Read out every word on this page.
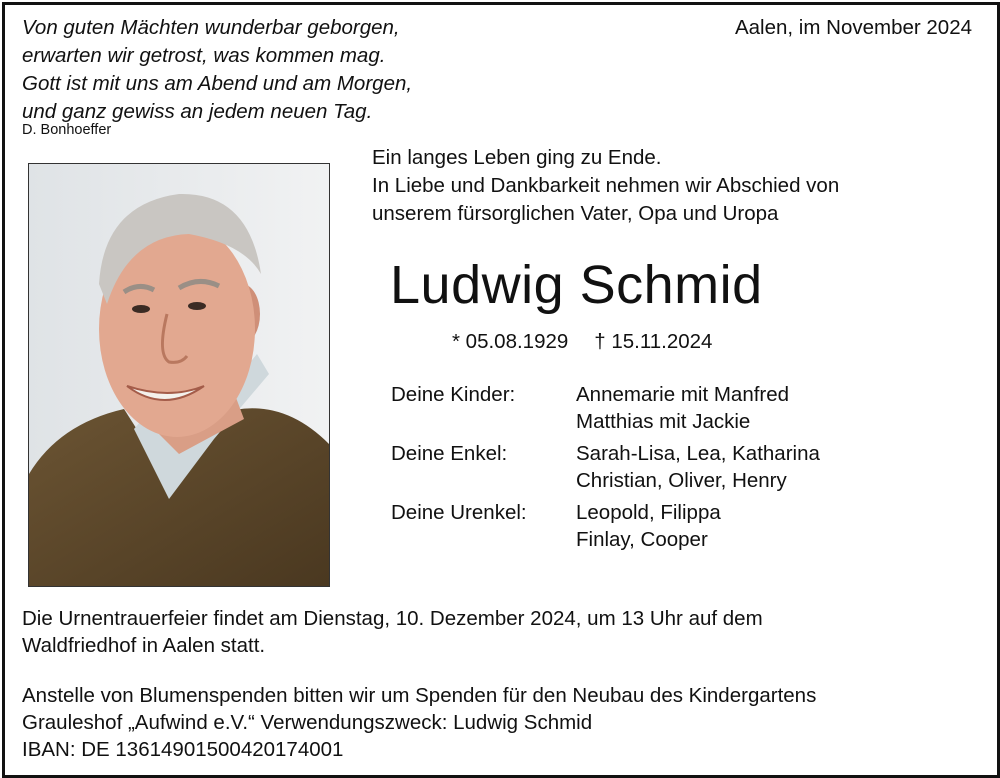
Von guten Mächten wunderbar geborgen,
erwarten wir getrost, was kommen mag.
Gott ist mit uns am Abend und am Morgen,
und ganz gewiss an jedem neuen Tag.
D. Bonhoeffer
Aalen, im November 2024
Ein langes Leben ging zu Ende.
In Liebe und Dankbarkeit nehmen wir Abschied von
unserem fürsorglichen Vater, Opa und Uropa
Ludwig Schmid
* 05.08.1929 † 15.11.2024
Deine Kinder:	Annemarie mit Manfred
Matthias mit Jackie
Deine Enkel:	Sarah-Lisa, Lea, Katharina
Christian, Oliver, Henry
Deine Urenkel:	Leopold, Filippa
Finlay, Cooper
Die Urnentrauerfeier findet am Dienstag, 10. Dezember 2024, um 13 Uhr auf dem
Waldfriedhof in Aalen statt.
Anstelle von Blumenspenden bitten wir um Spenden für den Neubau des Kindergartens
Grauleshof „Aufwind e.V.“ Verwendungszweck: Ludwig Schmid
IBAN: DE 13614901500420174001
